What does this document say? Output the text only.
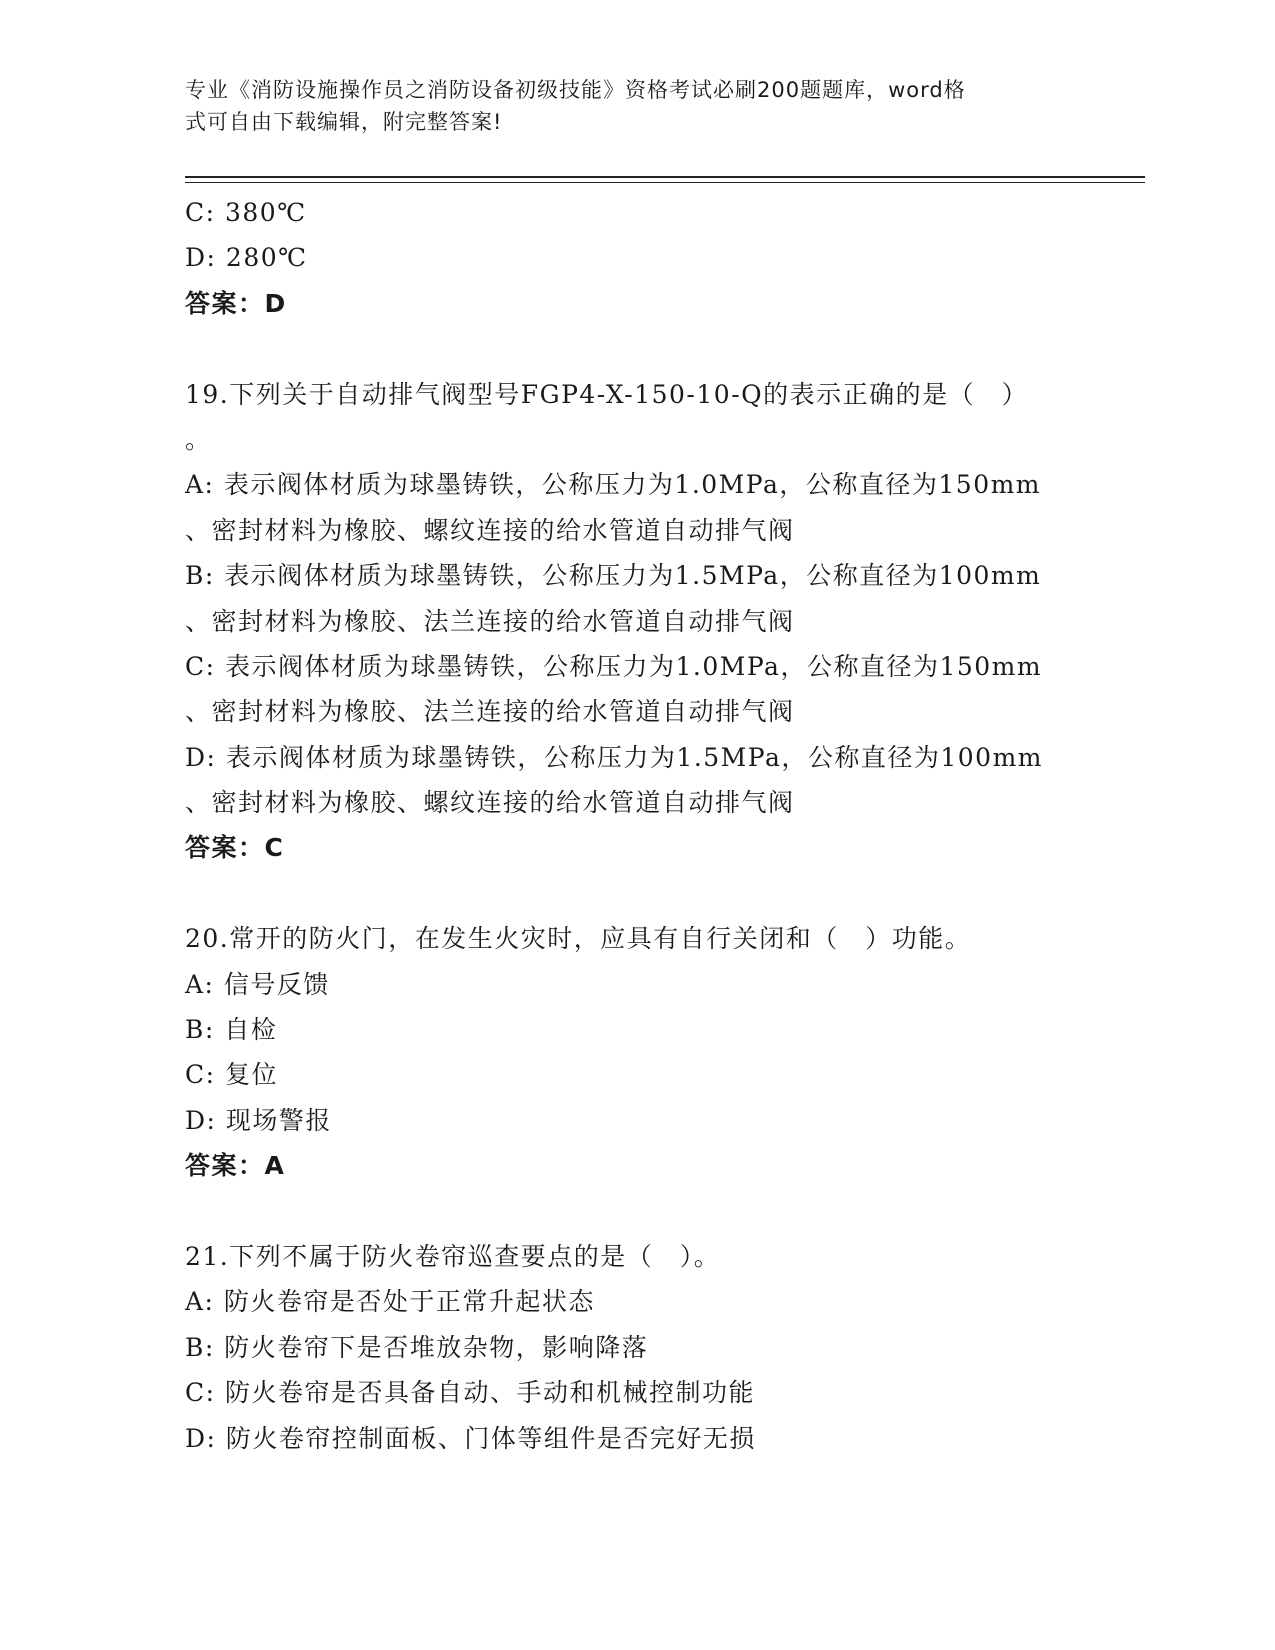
专业《消防设施操作员之消防设备初级技能》资格考试必刷200题题库，word格
式可自由下载编辑，附完整答案!
C: 380℃
D: 280℃
答案：D
19.下列关于自动排气阀型号FGP4-X-150-10-Q的表示正确的是（　）
。
A: 表示阀体材质为球墨铸铁，公称压力为1.0MPa，公称直径为150mm
、密封材料为橡胶、螺纹连接的给水管道自动排气阀
B: 表示阀体材质为球墨铸铁，公称压力为1.5MPa，公称直径为100mm
、密封材料为橡胶、法兰连接的给水管道自动排气阀
C: 表示阀体材质为球墨铸铁，公称压力为1.0MPa，公称直径为150mm
、密封材料为橡胶、法兰连接的给水管道自动排气阀
D: 表示阀体材质为球墨铸铁，公称压力为1.5MPa，公称直径为100mm
、密封材料为橡胶、螺纹连接的给水管道自动排气阀
答案：C
20.常开的防火门，在发生火灾时，应具有自行关闭和（　）功能。
A: 信号反馈
B: 自检
C: 复位
D: 现场警报
答案：A
21.下列不属于防火卷帘巡查要点的是（　）。
A: 防火卷帘是否处于正常升起状态
B: 防火卷帘下是否堆放杂物，影响降落
C: 防火卷帘是否具备自动、手动和机械控制功能
D: 防火卷帘控制面板、门体等组件是否完好无损
